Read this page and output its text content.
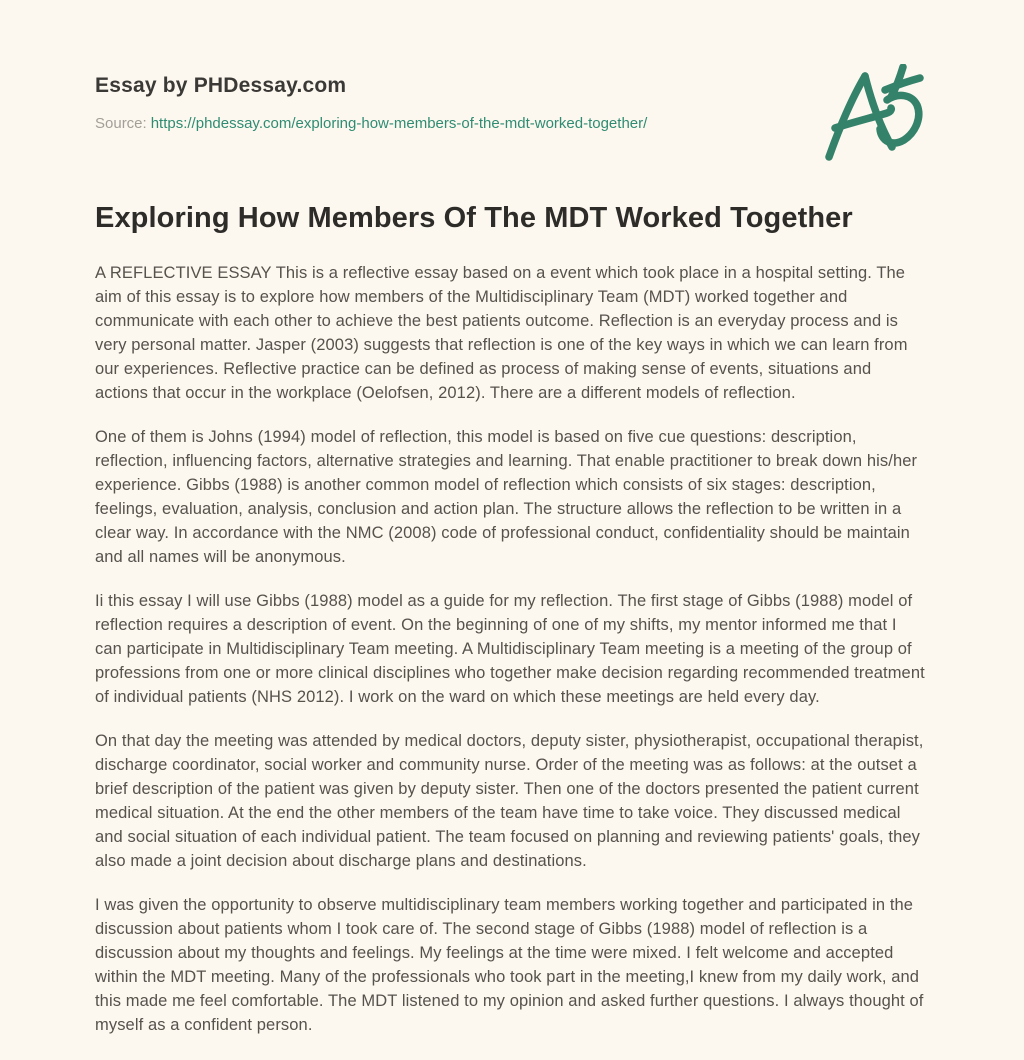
Essay by PHDessay.com
Source: https://phdessay.com/exploring-how-members-of-the-mdt-worked-together/
Exploring How Members Of The MDT Worked Together

A REFLECTIVE ESSAY This is a reflective essay based on a event which took place in a hospital setting. The aim of this essay is to explore how members of the Multidisciplinary Team (MDT) worked together and communicate with each other to achieve the best patients outcome. Reflection is an everyday process and is very personal matter. Jasper (2003) suggests that reflection is one of the key ways in which we can learn from our experiences. Reflective practice can be defined as process of making sense of events, situations and actions that occur in the workplace (Oelofsen, 2012). There are a different models of reflection.

One of them is Johns (1994) model of reflection, this model is based on five cue questions: description, reflection, influencing factors, alternative strategies and learning. That enable practitioner to break down his/her experience. Gibbs (1988) is another common model of reflection which consists of six stages: description, feelings, evaluation, analysis, conclusion and action plan. The structure allows the reflection to be written in a clear way. In accordance with the NMC (2008) code of professional conduct, confidentiality should be maintain and all names will be anonymous.

Ii this essay I will use Gibbs (1988) model as a guide for my reflection. The first stage of Gibbs (1988) model of reflection requires a description of event. On the beginning of one of my shifts, my mentor informed me that I can participate in Multidisciplinary Team meeting. A Multidisciplinary Team meeting is a meeting of the group of professions from one or more clinical disciplines who together make decision regarding recommended treatment of individual patients (NHS 2012). I work on the ward on which these meetings are held every day.

On that day the meeting was attended by medical doctors, deputy sister, physiotherapist, occupational therapist, discharge coordinator, social worker and community nurse. Order of the meeting was as follows: at the outset a brief description of the patient was given by deputy sister. Then one of the doctors presented the patient current medical situation. At the end the other members of the team have time to take voice. They discussed medical and social situation of each individual patient. The team focused on planning and reviewing patients' goals, they also made a joint decision about discharge plans and destinations.

I was given the opportunity to observe multidisciplinary team members working together and participated in the discussion about patients whom I took care of. The second stage of Gibbs (1988) model of reflection is a discussion about my thoughts and feelings. My feelings at the time were mixed. I felt welcome and accepted within the MDT meeting. Many of the professionals who took part in the meeting,I knew from my daily work, and this made me feel comfortable. The MDT listened to my opinion and asked further questions. I always thought of myself as a confident person.
